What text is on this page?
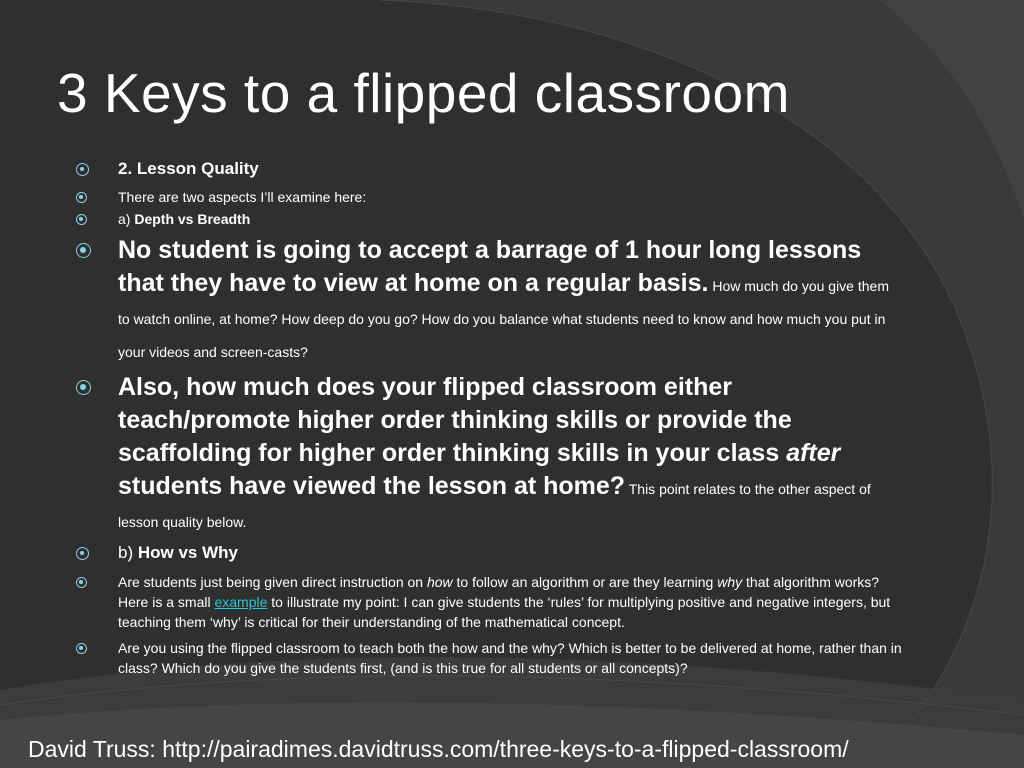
3 Keys to a flipped classroom
2. Lesson Quality
There are two aspects I’ll examine here:
a) Depth vs Breadth
No student is going to accept a barrage of 1 hour long lessons that they have to view at home on a regular basis. How much do you give them to watch online, at home? How deep do you go? How do you balance what students need to know and how much you put in your videos and screen-casts?
Also, how much does your flipped classroom either teach/promote higher order thinking skills or provide the scaffolding for higher order thinking skills in your class after students have viewed the lesson at home? This point relates to the other aspect of lesson quality below.
b) How vs Why
Are students just being given direct instruction on how to follow an algorithm or are they learning why that algorithm works? Here is a small example to illustrate my point: I can give students the ‘rules’ for multiplying positive and negative integers, but teaching them ‘why’ is critical for their understanding of the mathematical concept.
Are you using the flipped classroom to teach both the how and the why? Which is better to be delivered at home, rather than in class? Which do you give the students first, (and is this true for all students or all concepts)?
David Truss: http://pairadimes.davidtruss.com/three-keys-to-a-flipped-classroom/
